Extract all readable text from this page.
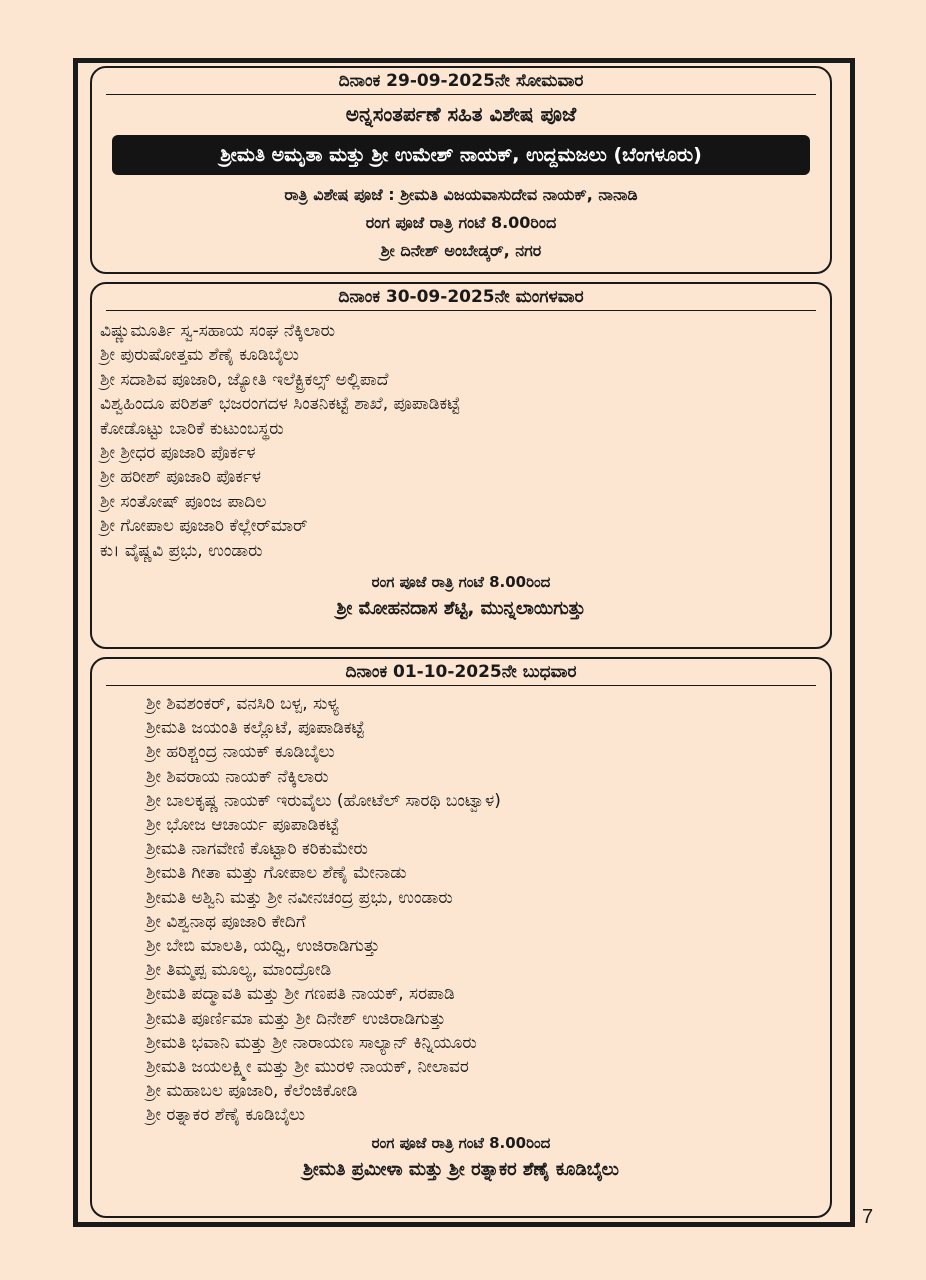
ದಿನಾಂಕ 29-09-2025ನೇ ಸೋಮವಾರ
ಅನ್ನಸಂತರ್ಪಣೆ ಸಹಿತ ವಿಶೇಷ ಪೂಜೆ
ಶ್ರೀಮತಿ ಅಮೃತಾ ಮತ್ತು ಶ್ರೀ ಉಮೇಶ್ ನಾಯಕ್, ಉದ್ದಮಜಲು (ಬೆಂಗಳೂರು)
ರಾತ್ರಿ ವಿಶೇಷ ಪೂಜೆ : ಶ್ರೀಮತಿ ವಿಜಯವಾಸುದೇವ ನಾಯಕ್, ನಾನಾಡಿ
ರಂಗ ಪೂಜೆ ರಾತ್ರಿ ಗಂಟೆ 8.00ರಿಂದ
ಶ್ರೀ ದಿನೇಶ್ ಅಂಬೇಡ್ಕರ್, ನಗರ
ದಿನಾಂಕ 30-09-2025ನೇ ಮಂಗಳವಾರ
ವಿಷ್ಣುಮೂರ್ತಿ ಸ್ವ-ಸಹಾಯ ಸಂಘ ನೆಕ್ಕಿಲಾರು
ಶ್ರೀ ಪುರುಷೋತ್ತಮ ಶೆಣೈ ಕೂಡಿಬೈಲು
ಶ್ರೀ ಸದಾಶಿವ ಪೂಜಾರಿ, ಜ್ಯೋತಿ ಇಲೆಕ್ಟ್ರಿಕಲ್ಸ್ ಅಲ್ಲಿಪಾದೆ
ವಿಶ್ವಹಿಂದೂ ಪರಿಶತ್ ಭಜರಂಗದಳ ಸಿಂತನಿಕಟ್ಟೆ ಶಾಖೆ, ಪೂಪಾಡಿಕಟ್ಟೆ
ಕೋಡೊಟ್ಟು ಬಾರಿಕೆ ಕುಟುಂಬಸ್ಥರು
ಶ್ರೀ ಶ್ರೀಧರ ಪೂಜಾರಿ ಪೊರ್ಕಳ
ಶ್ರೀ ಹರೀಶ್ ಪೂಜಾರಿ ಪೊರ್ಕಳ
ಶ್ರೀ ಸಂತೋಷ್ ಪೂಂಜ ಪಾದಿಲ
ಶ್ರೀ ಗೋಪಾಲ ಪೂಜಾರಿ ಕೆಲ್ಲೇರ್‌ಮಾರ್
ಕು। ವೈಷ್ಣವಿ ಪ್ರಭು, ಉಂಡಾರು
ರಂಗ ಪೂಜೆ ರಾತ್ರಿ ಗಂಟೆ 8.00ರಿಂದ
ಶ್ರೀ ಮೋಹನದಾಸ ಶೆಟ್ಟಿ, ಮುನ್ನಲಾಯಿಗುತ್ತು
ದಿನಾಂಕ 01-10-2025ನೇ ಬುಧವಾರ
ಶ್ರೀ ಶಿವಶಂಕರ್, ವನಸಿರಿ ಬಳ್ಪ, ಸುಳ್ಯ
ಶ್ರೀಮತಿ ಜಯಂತಿ ಕಲ್ಲೊಟೆ, ಪೂಪಾಡಿಕಟ್ಟೆ
ಶ್ರೀ ಹರಿಶ್ಚಂದ್ರ ನಾಯಕ್ ಕೂಡಿಬೈಲು
ಶ್ರೀ ಶಿವರಾಯ ನಾಯಕ್ ನೆಕ್ಕಿಲಾರು
ಶ್ರೀ ಬಾಲಕೃಷ್ಣ ನಾಯಕ್ ಇರುವೈಲು (ಹೋಟೆಲ್ ಸಾರಥಿ ಬಂಟ್ವಾಳ)
ಶ್ರೀ ಭೋಜ ಆಚಾರ್ಯ ಪೂಪಾಡಿಕಟ್ಟೆ
ಶ್ರೀಮತಿ ನಾಗವೇಣಿ ಕೊಟ್ಟಾರಿ ಕರಿಕುಮೇರು
ಶ್ರೀಮತಿ ಗೀತಾ ಮತ್ತು ಗೋಪಾಲ ಶೆಣೈ ಮೇನಾಡು
ಶ್ರೀಮತಿ ಅಶ್ವಿನಿ ಮತ್ತು ಶ್ರೀ ನವೀನಚಂದ್ರ ಪ್ರಭು, ಉಂಡಾರು
ಶ್ರೀ ವಿಶ್ವನಾಥ ಪೂಜಾರಿ ಕೇದಿಗೆ
ಶ್ರೀ ಬೇಬಿ ಮಾಲತಿ, ಯಧ್ವಿ, ಉಜಿರಾಡಿಗುತ್ತು
ಶ್ರೀ ತಿಮ್ಮಪ್ಪ ಮೂಲ್ಯ, ಮಾಂದ್ರೋಡಿ
ಶ್ರೀಮತಿ ಪದ್ಮಾವತಿ ಮತ್ತು ಶ್ರೀ ಗಣಪತಿ ನಾಯಕ್, ಸರಪಾಡಿ
ಶ್ರೀಮತಿ ಪೂರ್ಣಿಮಾ ಮತ್ತು ಶ್ರೀ ದಿನೇಶ್ ಉಜಿರಾಡಿಗುತ್ತು
ಶ್ರೀಮತಿ ಭವಾನಿ ಮತ್ತು ಶ್ರೀ ನಾರಾಯಣ ಸಾಲ್ಯಾನ್ ಕಿನ್ನಿಯೂರು
ಶ್ರೀಮತಿ ಜಯಲಕ್ಷ್ಮೀ ಮತ್ತು ಶ್ರೀ ಮುರಳಿ ನಾಯಕ್, ನೀಲಾವರ
ಶ್ರೀ ಮಹಾಬಲ ಪೂಜಾರಿ, ಕೆಲೆಂಜಿಕೋಡಿ
ಶ್ರೀ ರತ್ನಾಕರ ಶೆಣೈ ಕೂಡಿಬೈಲು
ರಂಗ ಪೂಜೆ ರಾತ್ರಿ ಗಂಟೆ 8.00ರಿಂದ
ಶ್ರೀಮತಿ ಪ್ರಮೀಳಾ ಮತ್ತು ಶ್ರೀ ರತ್ನಾಕರ ಶೆಣೈ ಕೂಡಿಬೈಲು
7
